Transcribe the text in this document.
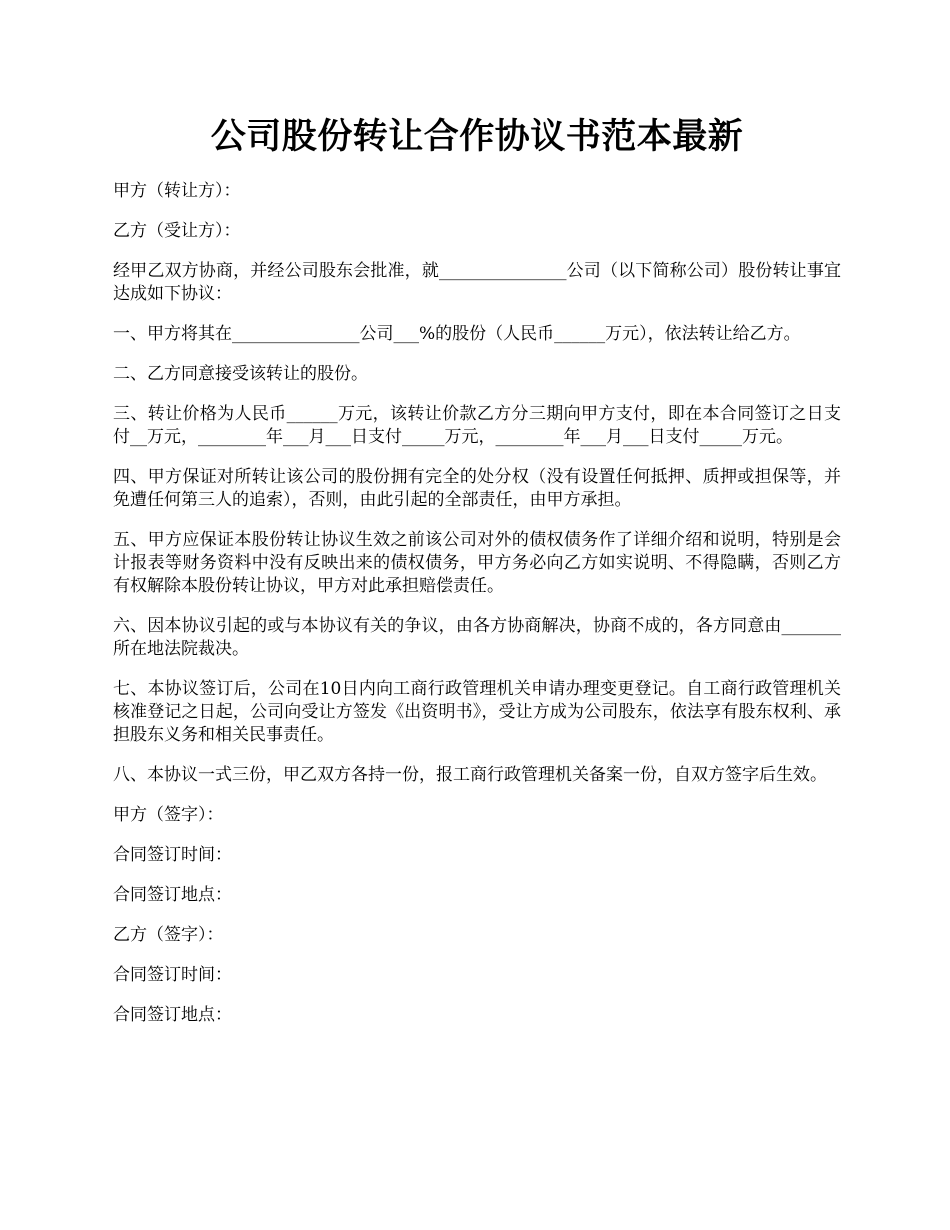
公司股份转让合作协议书范本最新

甲方（转让方）：

乙方（受让方）：

经甲乙双方协商，并经公司股东会批准，就_______________公司（以下简称公司）股份转让事宜达成如下协议：

一、甲方将其在_______________公司___%的股份（人民币______万元），依法转让给乙方。

二、乙方同意接受该转让的股份。

三、转让价格为人民币______万元，该转让价款乙方分三期向甲方支付，即在本合同签订之日支付__万元，________年___月___日支付_____万元，________年___月___日支付_____万元。

四、甲方保证对所转让该公司的股份拥有完全的处分权（没有设置任何抵押、质押或担保等，并免遭任何第三人的追索），否则，由此引起的全部责任，由甲方承担。

五、甲方应保证本股份转让协议生效之前该公司对外的债权债务作了详细介绍和说明，特别是会计报表等财务资料中没有反映出来的债权债务，甲方务必向乙方如实说明、不得隐瞒，否则乙方有权解除本股份转让协议，甲方对此承担赔偿责任。

六、因本协议引起的或与本协议有关的争议，由各方协商解决，协商不成的，各方同意由_______所在地法院裁决。

七、本协议签订后，公司在10日内向工商行政管理机关申请办理变更登记。自工商行政管理机关核准登记之日起，公司向受让方签发《出资明书》，受让方成为公司股东，依法享有股东权利、承担股东义务和相关民事责任。

八、本协议一式三份，甲乙双方各持一份，报工商行政管理机关备案一份，自双方签字后生效。

甲方（签字）：

合同签订时间：

合同签订地点：

乙方（签字）：

合同签订时间：

合同签订地点：
